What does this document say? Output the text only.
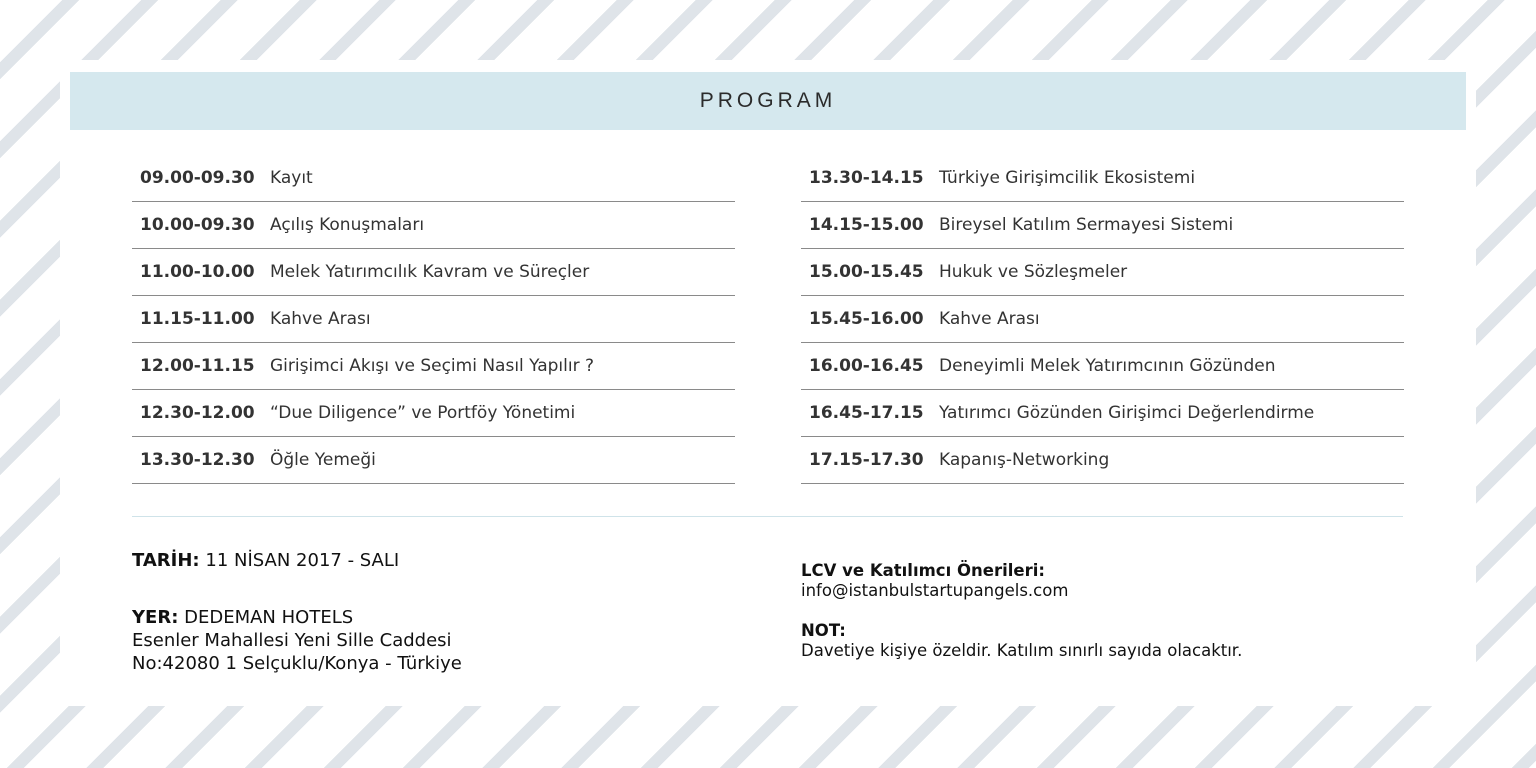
PROGRAM
09.00-09.30 Kayıt
10.00-09.30 Açılış Konuşmaları
11.00-10.00 Melek Yatırımcılık Kavram ve Süreçler
11.15-11.00 Kahve Arası
12.00-11.15 Girişimci Akışı ve Seçimi Nasıl Yapılır ?
12.30-12.00 “Due Diligence” ve Portföy Yönetimi
13.30-12.30 Öğle Yemeği
13.30-14.15 Türkiye Girişimcilik Ekosistemi
14.15-15.00 Bireysel Katılım Sermayesi Sistemi
15.00-15.45 Hukuk ve Sözleşmeler
15.45-16.00 Kahve Arası
16.00-16.45 Deneyimli Melek Yatırımcının Gözünden
16.45-17.15 Yatırımcı Gözünden Girişimci Değerlendirme
17.15-17.30 Kapanış-Networking
TARİH: 11 NİSAN 2017 - SALI
YER: DEDEMAN HOTELS
Esenler Mahallesi Yeni Sille Caddesi
No:42080 1 Selçuklu/Konya - Türkiye
LCV ve Katılımcı Önerileri:
info@istanbulstartupangels.com
NOT:
Davetiye kişiye özeldir. Katılım sınırlı sayıda olacaktır.
